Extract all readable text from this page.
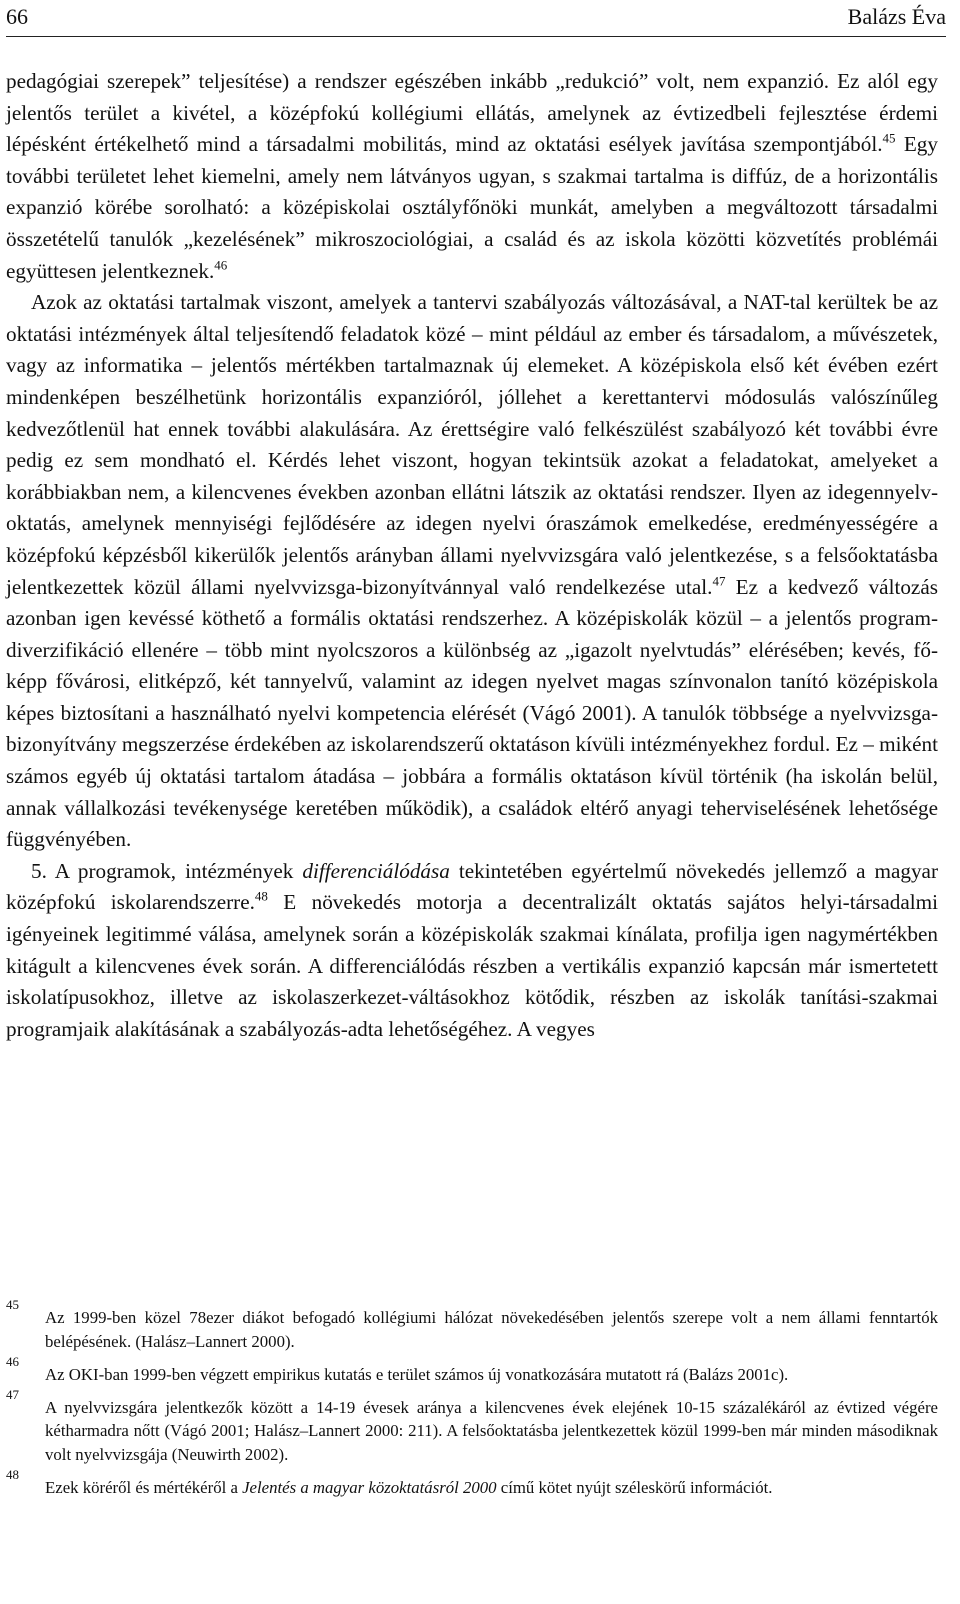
66	Balázs Éva

pedagógiai szerepek” teljesítése) a rendszer egészében inkább „redukció” volt, nem expanzió. Ez alól egy jelentős terület a kivétel, a középfokú kollégiumi ellátás, amelynek az évtizedbeli fejlesztése érdemi lépésként értékelhető mind a társadalmi mobilitás, mind az oktatási esélyek javítása szempontjából.$^{45}$ Egy további területet lehet kiemelni, amely nem látványos ugyan, s szakmai tartalma is diffúz, de a horizontális expanzió körébe sorolható: a középiskolai osztályfőnöki munkát, amelyben a megváltozott társadalmi összetételű tanulók „kezelésének” mikroszociológiai, a család és az iskola közötti közvetítés problémái együttesen jelentkeznek.$^{46}$

Azok az oktatási tartalmak viszont, amelyek a tantervi szabályozás változásával, a NAT-tal kerültek be az oktatási intézmények által teljesítendő feladatok közé – mint például az ember és társadalom, a művészetek, vagy az informatika – jelentős mértékben tartalmaznak új elemeket. A középiskola első két évében ezért mindenképen beszélhetünk horizontális expanzióról, jóllehet a kerettantervi módosulás valószínűleg kedvezőtlenül hat ennek további alakulására. Az érettségire való felkészülést szabályozó két további évre pedig ez sem mondható el. Kérdés lehet viszont, hogyan tekintsük azokat a feladatokat, amelyeket a korábbiakban nem, a kilencvenes években azonban ellátni látszik az oktatási rendszer. Ilyen az idegennyelv-oktatás, amelynek mennyiségi fejlődésére az idegen nyelvi óraszámok emelkedése, eredményességére a középfokú képzésből kikerülők jelentős arányban állami nyelvvizsgára való jelentkezése, s a felsőoktatásba jelentkezettek közül állami nyelvvizsga-bizonyítvánnyal való rendelkezése utal.$^{47}$ Ez a kedvező változás azonban igen kevéssé köthető a formális oktatási rendszerhez. A középiskolák közül – a jelentős program-diverzifikáció ellenére – több mint nyolcszoros a különbség az „igazolt nyelvtudás” elérésében; kevés, főképp fővárosi, elitképző, két tannyelvű, valamint az idegen nyelvet magas színvonalon tanító középiskola képes biztosítani a használható nyelvi kompetencia elérését (Vágó 2001). A tanulók többsége a nyelvvizsga-bizonyítvány megszerzése érdekében az iskolarendszerű oktatáson kívüli intézményekhez fordul. Ez – miként számos egyéb új oktatási tartalom átadása – jobbára a formális oktatáson kívül történik (ha iskolán belül, annak vállalkozási tevékenysége keretében működik), a családok eltérő anyagi teherviselésének lehetősége függvényében.

5. A programok, intézmények differenciálódása tekintetében egyértelmű növekedés jellemző a magyar középfokú iskolarendszerre.$^{48}$ E növekedés motorja a decentralizált oktatás sajátos helyi-társadalmi igényeinek legitimmé válása, amelynek során a középiskolák szakmai kínálata, profilja igen nagymértékben kitágult a kilencvenes évek során. A differenciálódás részben a vertikális expanzió kapcsán már ismertetett iskolatípusokhoz, illetve az iskolaszerkezet-váltásokhoz kötődik, részben az iskolák tanítási-szakmai programjaik alakításának a szabályozás-adta lehetőségéhez. A vegyes

45
Az 1999-ben közel 78ezer diákot befogadó kollégiumi hálózat növekedésében jelentős szerepe volt a nem állami fenntartók belépésének. (Halász–Lannert 2000).
46
Az OKI-ban 1999-ben végzett empirikus kutatás e terület számos új vonatkozására mutatott rá (Balázs 2001c).
47
A nyelvvizsgára jelentkezők között a 14-19 évesek aránya a kilencvenes évek elejének 10-15 százalékáról az évtized végére kétharmadra nőtt (Vágó 2001; Halász–Lannert 2000: 211). A felsőoktatásba jelentkezettek közül 1999-ben már minden másodiknak volt nyelvvizsgája (Neuwirth 2002).
48
Ezek köréről és mértékéről a Jelentés a magyar közoktatásról 2000 című kötet nyújt széleskörű információt.
